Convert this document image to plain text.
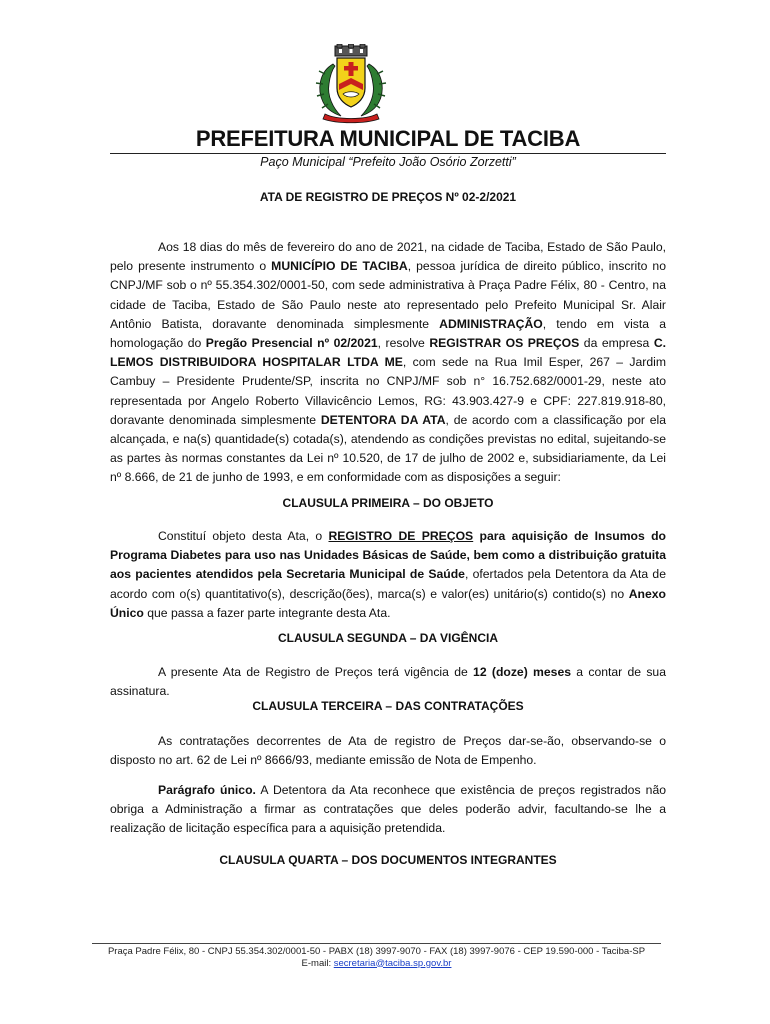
PREFEITURA MUNICIPAL DE TACIBA
Paço Municipal “Prefeito João Osório Zorzetti”
ATA DE REGISTRO DE PREÇOS Nº 02-2/2021

Aos 18 dias do mês de fevereiro do ano de 2021, na cidade de Taciba, Estado de São Paulo, pelo presente instrumento o MUNICÍPIO DE TACIBA, pessoa jurídica de direito público, inscrito no CNPJ/MF sob o nº 55.354.302/0001-50, com sede administrativa à Praça Padre Félix, 80 - Centro, na cidade de Taciba, Estado de São Paulo neste ato representado pelo Prefeito Municipal Sr. Alair Antônio Batista, doravante denominada simplesmente ADMINISTRAÇÃO, tendo em vista a homologação do Pregão Presencial nº 02/2021, resolve REGISTRAR OS PREÇOS da empresa C. LEMOS DISTRIBUIDORA HOSPITALAR LTDA ME, com sede na Rua Imil Esper, 267 – Jardim Cambuy – Presidente Prudente/SP, inscrita no CNPJ/MF sob n° 16.752.682/0001-29, neste ato representada por Angelo Roberto Villavicêncio Lemos, RG: 43.903.427-9 e CPF: 227.819.918-80, doravante denominada simplesmente DETENTORA DA ATA, de acordo com a classificação por ela alcançada, e na(s) quantidade(s) cotada(s), atendendo as condições previstas no edital, sujeitando-se as partes às normas constantes da Lei nº 10.520, de 17 de julho de 2002 e, subsidiariamente, da Lei nº 8.666, de 21 de junho de 1993, e em conformidade com as disposições a seguir:

CLAUSULA PRIMEIRA – DO OBJETO

Constituí objeto desta Ata, o REGISTRO DE PREÇOS para aquisição de Insumos do Programa Diabetes para uso nas Unidades Básicas de Saúde, bem como a distribuição gratuita aos pacientes atendidos pela Secretaria Municipal de Saúde, ofertados pela Detentora da Ata de acordo com o(s) quantitativo(s), descrição(ões), marca(s) e valor(es) unitário(s) contido(s) no Anexo Único que passa a fazer parte integrante desta Ata.

CLAUSULA SEGUNDA – DA VIGÊNCIA

A presente Ata de Registro de Preços terá vigência de 12 (doze) meses a contar de sua assinatura.

CLAUSULA TERCEIRA – DAS CONTRATAÇÕES

As contratações decorrentes de Ata de registro de Preços dar-se-ão, observando-se o disposto no art. 62 de Lei nº 8666/93, mediante emissão de Nota de Empenho.

Parágrafo único. A Detentora da Ata reconhece que existência de preços registrados não obriga a Administração a firmar as contratações que deles poderão advir, facultando-se lhe a realização de licitação específica para a aquisição pretendida.

CLAUSULA QUARTA – DOS DOCUMENTOS INTEGRANTES
Praça Padre Félix, 80 - CNPJ 55.354.302/0001-50 - PABX (18) 3997-9070 - FAX (18) 3997-9076 - CEP 19.590-000 - Taciba-SP
E-mail: secretaria@taciba.sp.gov.br
